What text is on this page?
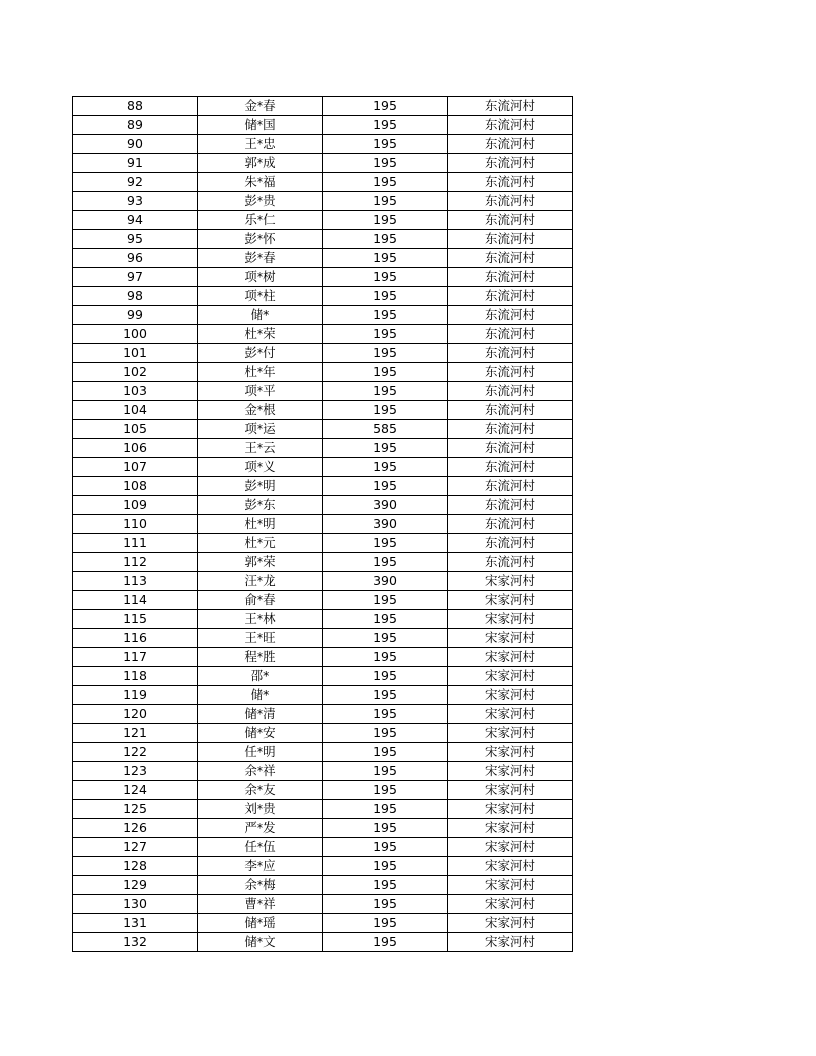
88	金*春	195	东流河村
89	储*国	195	东流河村
90	王*忠	195	东流河村
91	郭*成	195	东流河村
92	朱*福	195	东流河村
93	彭*贵	195	东流河村
94	乐*仁	195	东流河村
95	彭*怀	195	东流河村
96	彭*春	195	东流河村
97	项*树	195	东流河村
98	项*柱	195	东流河村
99	储*	195	东流河村
100	杜*荣	195	东流河村
101	彭*付	195	东流河村
102	杜*年	195	东流河村
103	项*平	195	东流河村
104	金*根	195	东流河村
105	项*运	585	东流河村
106	王*云	195	东流河村
107	项*义	195	东流河村
108	彭*明	195	东流河村
109	彭*东	390	东流河村
110	杜*明	390	东流河村
111	杜*元	195	东流河村
112	郭*荣	195	东流河村
113	汪*龙	390	宋家河村
114	俞*春	195	宋家河村
115	王*林	195	宋家河村
116	王*旺	195	宋家河村
117	程*胜	195	宋家河村
118	邵*	195	宋家河村
119	储*	195	宋家河村
120	储*清	195	宋家河村
121	储*安	195	宋家河村
122	任*明	195	宋家河村
123	余*祥	195	宋家河村
124	余*友	195	宋家河村
125	刘*贵	195	宋家河村
126	严*发	195	宋家河村
127	任*伍	195	宋家河村
128	李*应	195	宋家河村
129	余*梅	195	宋家河村
130	曹*祥	195	宋家河村
131	储*瑶	195	宋家河村
132	储*文	195	宋家河村
